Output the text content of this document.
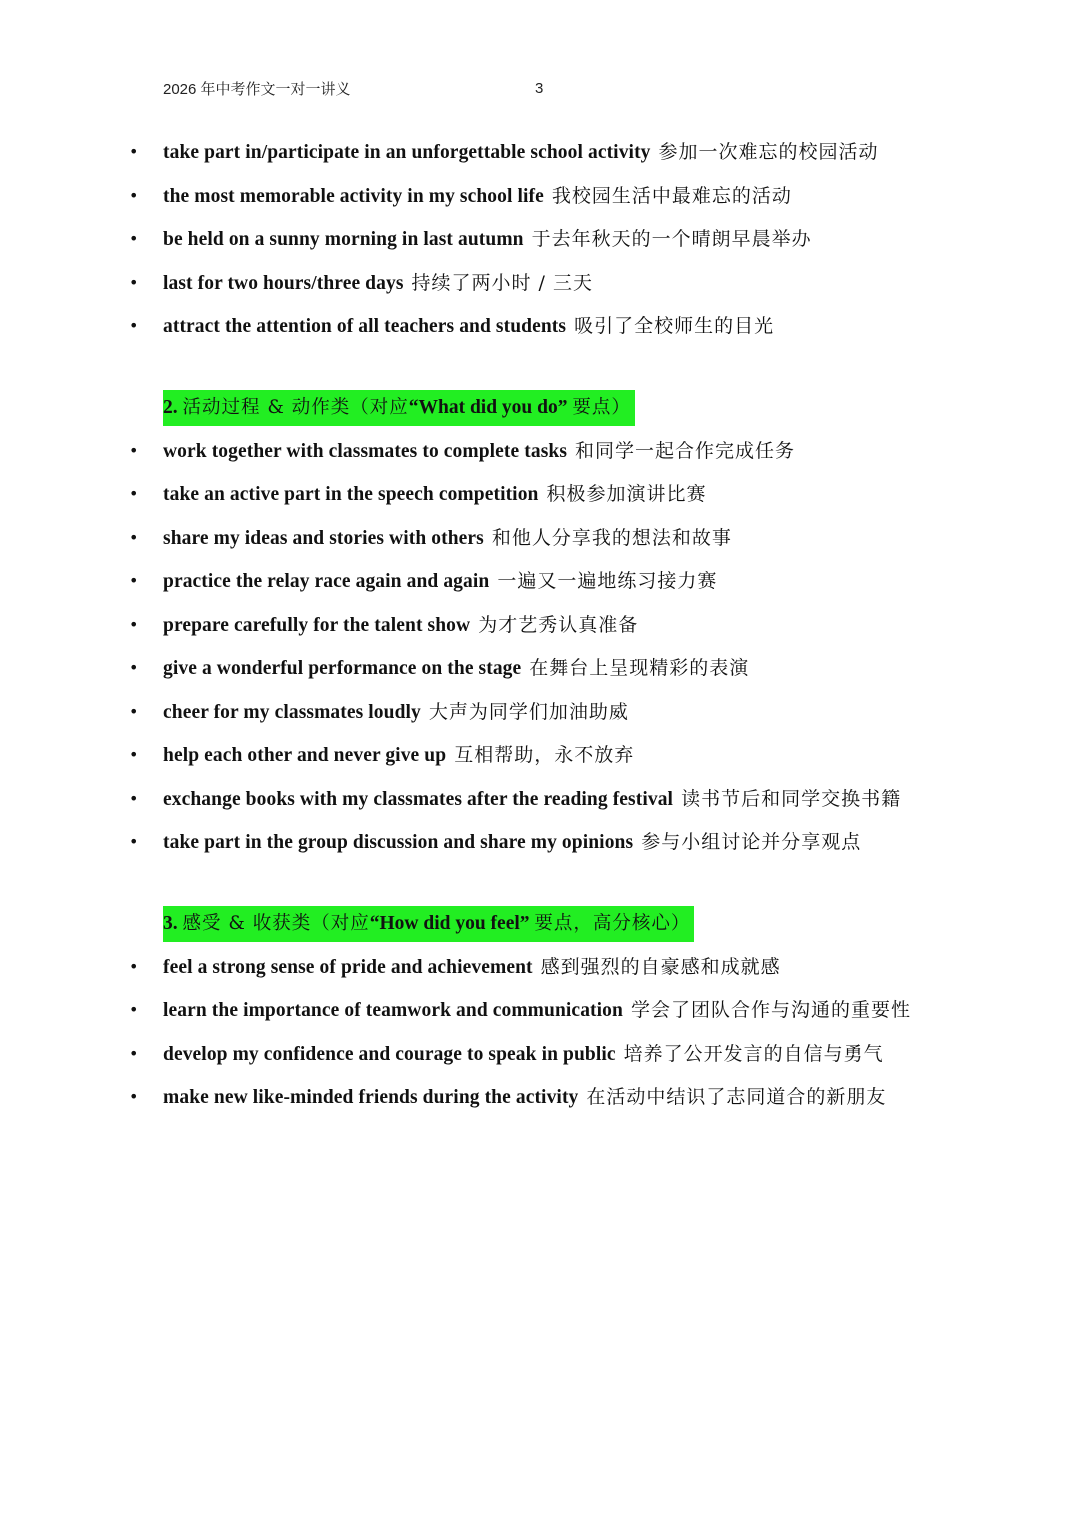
2026 年中考作文一对一讲义	3
• take part in/participate in an unforgettable school activity 参加一次难忘的校园活动
• the most memorable activity in my school life 我校园生活中最难忘的活动
• be held on a sunny morning in last autumn 于去年秋天的一个晴朗早晨举办
• last for two hours/three days 持续了两小时 / 三天
• attract the attention of all teachers and students 吸引了全校师生的目光
2. 活动过程 & 动作类（对应“What did you do” 要点）
• work together with classmates to complete tasks 和同学一起合作完成任务
• take an active part in the speech competition 积极参加演讲比赛
• share my ideas and stories with others 和他人分享我的想法和故事
• practice the relay race again and again 一遍又一遍地练习接力赛
• prepare carefully for the talent show 为才艺秀认真准备
• give a wonderful performance on the stage 在舞台上呈现精彩的表演
• cheer for my classmates loudly 大声为同学们加油助威
• help each other and never give up 互相帮助，永不放弃
• exchange books with my classmates after the reading festival 读书节后和同学交换书籍
• take part in the group discussion and share my opinions 参与小组讨论并分享观点
3. 感受 & 收获类（对应“How did you feel” 要点，高分核心）
• feel a strong sense of pride and achievement 感到强烈的自豪感和成就感
• learn the importance of teamwork and communication 学会了团队合作与沟通的重要性
• develop my confidence and courage to speak in public 培养了公开发言的自信与勇气
• make new like-minded friends during the activity 在活动中结识了志同道合的新朋友
